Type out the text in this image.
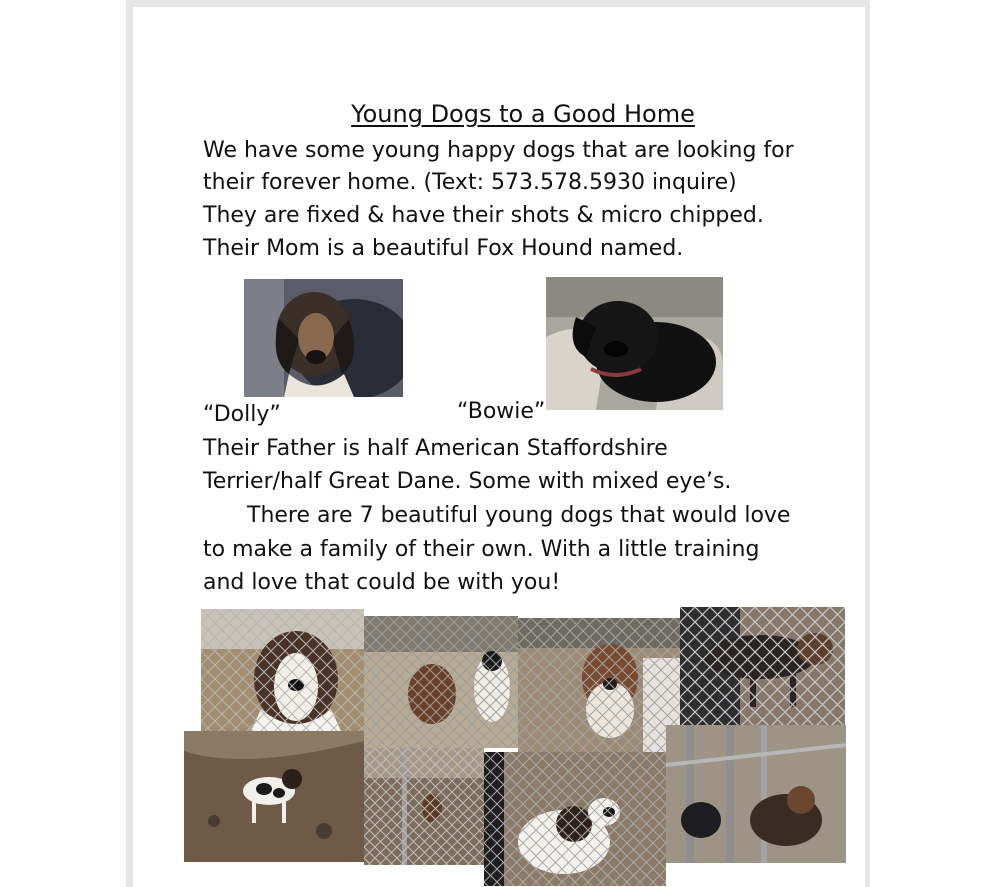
Young Dogs to a Good Home
We have some young happy dogs that are looking for
their forever home. (Text: 573.578.5930 inquire)
They are fixed & have their shots & micro chipped.
Their Mom is a beautiful Fox Hound named.
“Dolly”	“Bowie”
Their Father is half American Staffordshire
Terrier/half Great Dane. Some with mixed eye’s.
There are 7 beautiful young dogs that would love
to make a family of their own. With a little training
and love that could be with you!
